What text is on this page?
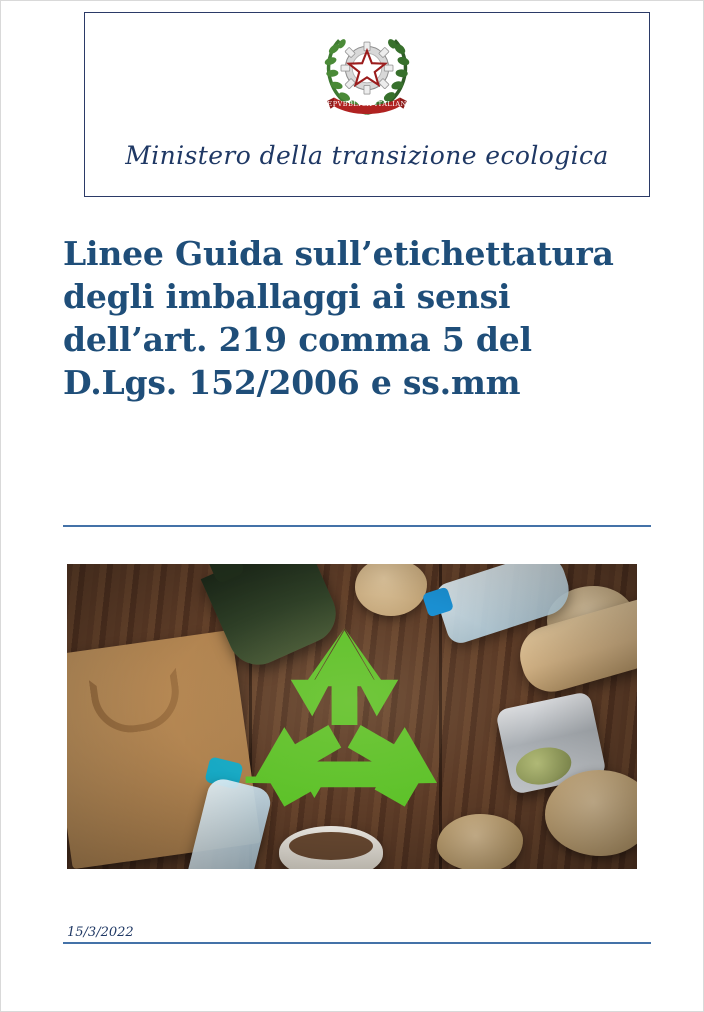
REPVBBLICA ITALIANA
Ministero della transizione ecologica
Linee Guida sull’etichettatura degli imballaggi ai sensi dell’art. 219 comma 5 del D.Lgs. 152/2006 e ss.mm
15/3/2022
